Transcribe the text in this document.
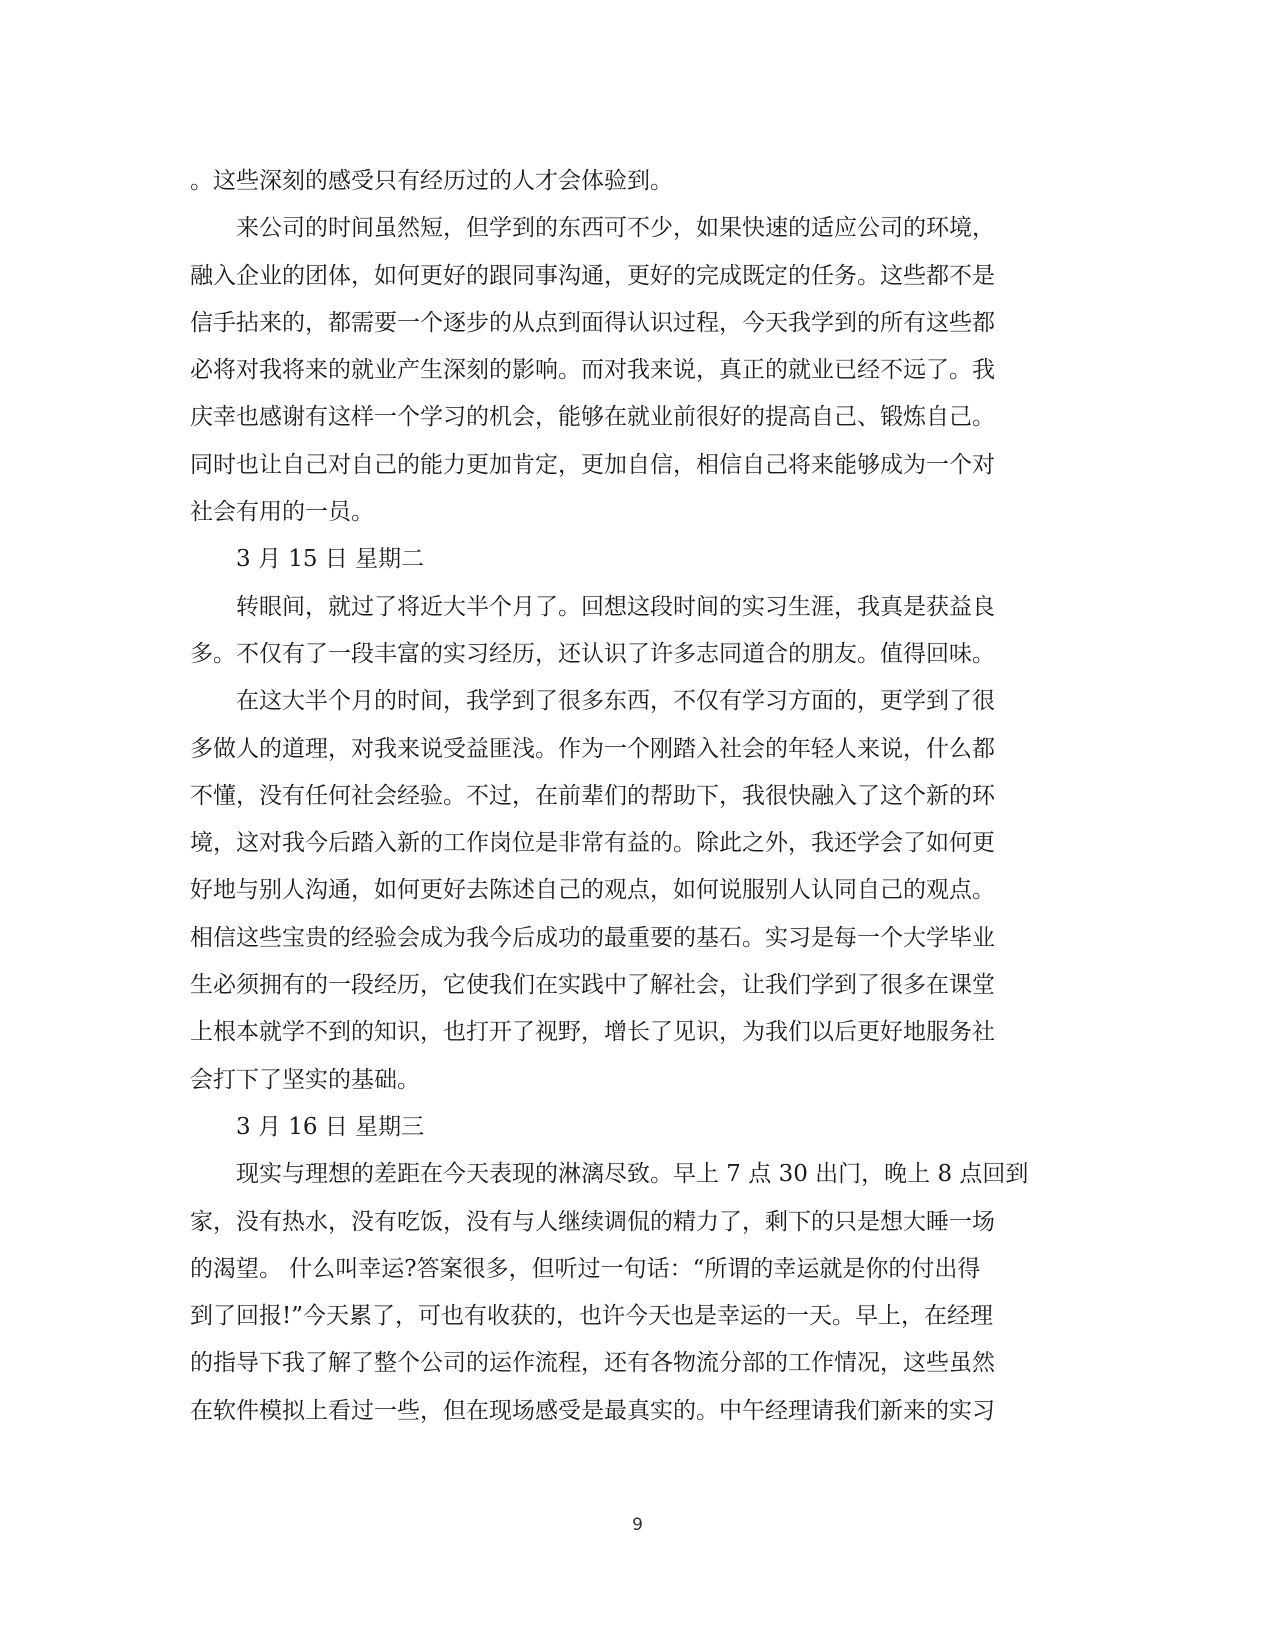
。这些深刻的感受只有经历过的人才会体验到。
来公司的时间虽然短，但学到的东西可不少，如果快速的适应公司的环境，
融入企业的团体，如何更好的跟同事沟通，更好的完成既定的任务。这些都不是
信手拈来的，都需要一个逐步的从点到面得认识过程，今天我学到的所有这些都
必将对我将来的就业产生深刻的影响。而对我来说，真正的就业已经不远了。我
庆幸也感谢有这样一个学习的机会，能够在就业前很好的提高自己、锻炼自己。
同时也让自己对自己的能力更加肯定，更加自信，相信自己将来能够成为一个对
社会有用的一员。
3 月 15 日 星期二
转眼间，就过了将近大半个月了。回想这段时间的实习生涯，我真是获益良
多。不仅有了一段丰富的实习经历，还认识了许多志同道合的朋友。值得回味。
在这大半个月的时间，我学到了很多东西，不仅有学习方面的，更学到了很
多做人的道理，对我来说受益匪浅。作为一个刚踏入社会的年轻人来说，什么都
不懂，没有任何社会经验。不过，在前辈们的帮助下，我很快融入了这个新的环
境，这对我今后踏入新的工作岗位是非常有益的。除此之外，我还学会了如何更
好地与别人沟通，如何更好去陈述自己的观点，如何说服别人认同自己的观点。
相信这些宝贵的经验会成为我今后成功的最重要的基石。实习是每一个大学毕业
生必须拥有的一段经历，它使我们在实践中了解社会，让我们学到了很多在课堂
上根本就学不到的知识，也打开了视野，增长了见识，为我们以后更好地服务社
会打下了坚实的基础。
3 月 16 日 星期三
现实与理想的差距在今天表现的淋漓尽致。早上 7 点 30 出门，晚上 8 点回到
家，没有热水，没有吃饭，没有与人继续调侃的精力了，剩下的只是想大睡一场
的渴望。 什么叫幸运?答案很多，但听过一句话：“所谓的幸运就是你的付出得
到了回报!”今天累了，可也有收获的，也许今天也是幸运的一天。早上，在经理
的指导下我了解了整个公司的运作流程，还有各物流分部的工作情况，这些虽然
在软件模拟上看过一些，但在现场感受是最真实的。中午经理请我们新来的实习
9
